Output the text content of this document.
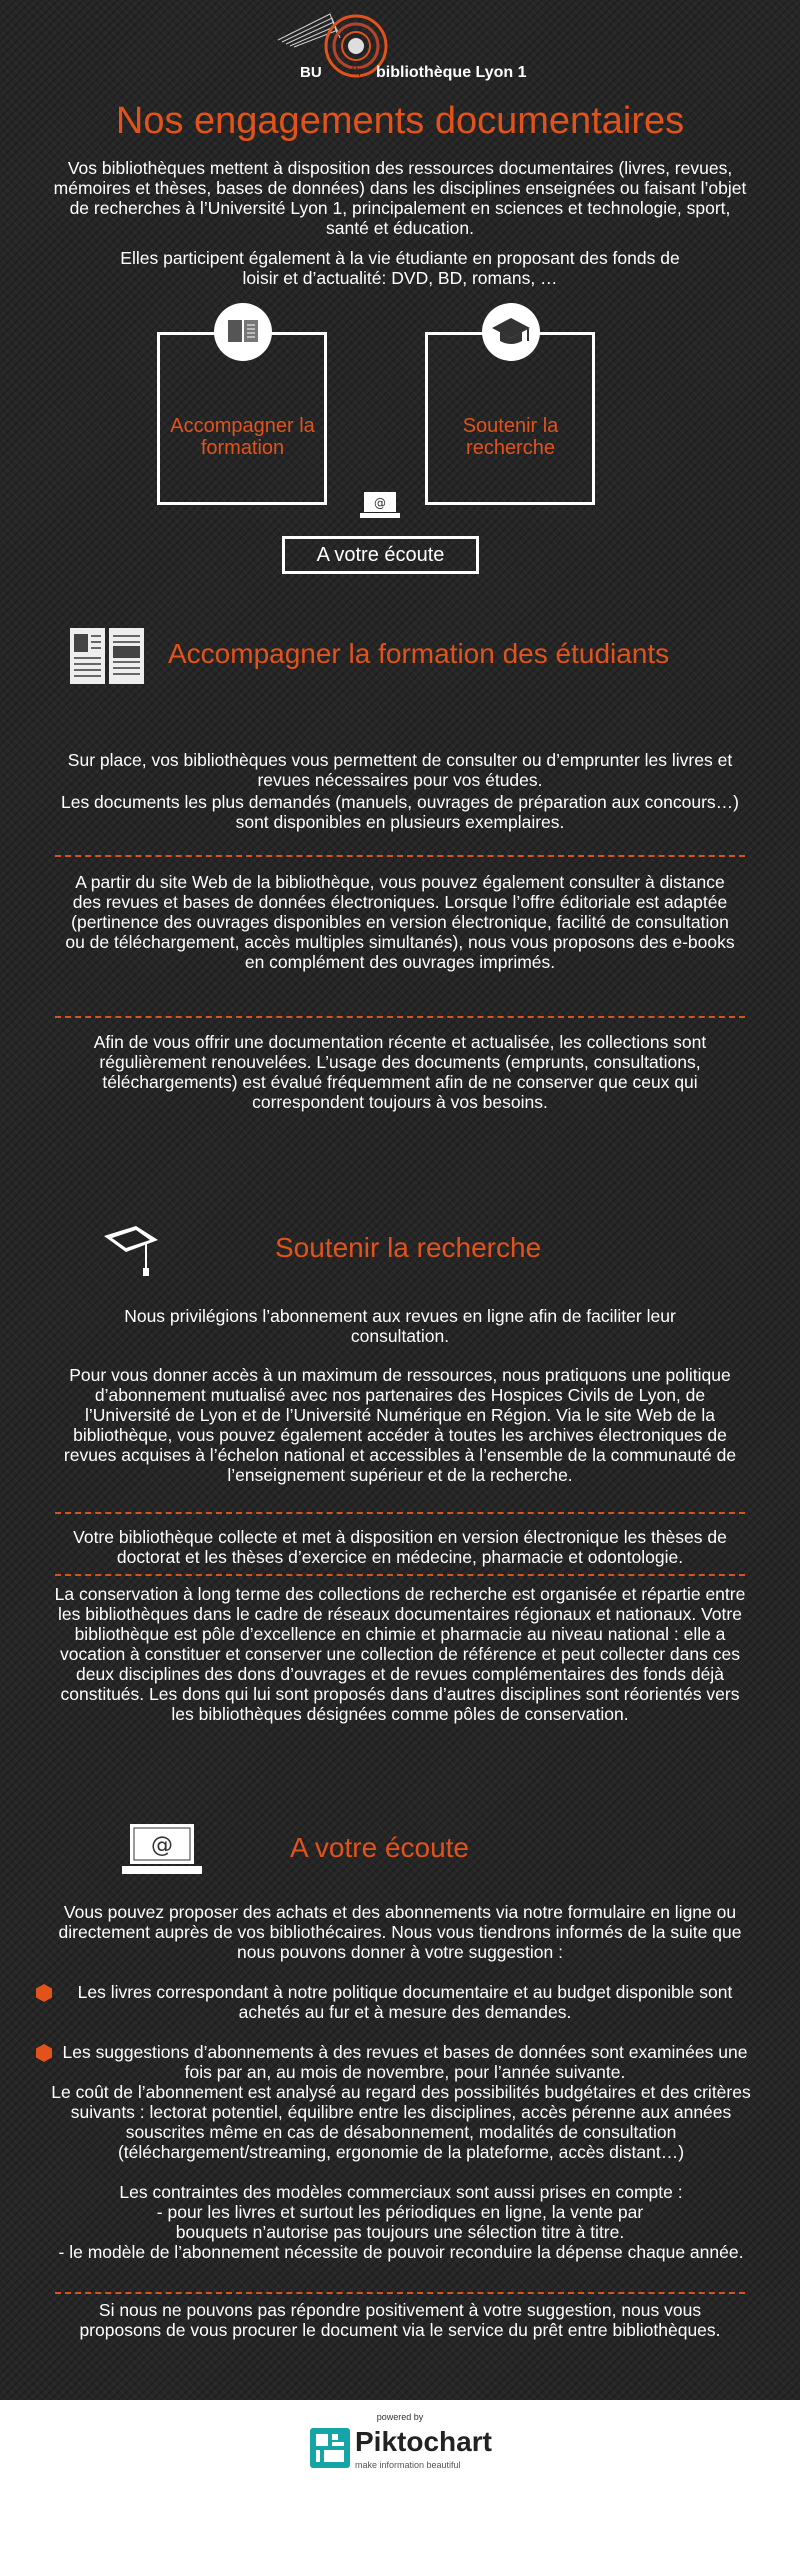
BU	étp bibliothèque Lyon 1
Nos engagements documentaires

Vos bibliothèques mettent à disposition des ressources documentaires (livres, revues, mémoires et thèses, bases de données) dans les disciplines enseignées ou faisant l’objet de recherches à l’Université Lyon 1, principalement en sciences et technologie, sport, santé et éducation.

Elles participent également à la vie étudiante en proposant des fonds de loisir et d’actualité: DVD, BD, romans, …

Accompagner la formation
Soutenir la recherche
@
A votre écoute
Accompagner la formation des étudiants

Sur place, vos bibliothèques vous permettent de consulter ou d’emprunter les livres et revues nécessaires pour vos études.

Les documents les plus demandés (manuels, ouvrages de préparation aux concours…) sont disponibles en plusieurs exemplaires.

A partir du site Web de la bibliothèque, vous pouvez également consulter à distance des revues et bases de données électroniques. Lorsque l’offre éditoriale est adaptée (pertinence des ouvrages disponibles en version électronique, facilité de consultation ou de téléchargement, accès multiples simultanés), nous vous proposons des e-books en complément des ouvrages imprimés.

Afin de vous offrir une documentation récente et actualisée, les collections sont régulièrement renouvelées. L’usage des documents (emprunts, consultations, téléchargements) est évalué fréquemment afin de ne conserver que ceux qui correspondent toujours à vos besoins.

Soutenir la recherche

Nous privilégions l’abonnement aux revues en ligne afin de faciliter leur consultation.

Pour vous donner accès à un maximum de ressources, nous pratiquons une politique d’abonnement mutualisé avec nos partenaires des Hospices Civils de Lyon, de l’Université de Lyon et de l’Université Numérique en Région. Via le site Web de la bibliothèque, vous pouvez également accéder à toutes les archives électroniques de revues acquises à l’échelon national et accessibles à l’ensemble de la communauté de l’enseignement supérieur et de la recherche.

Votre bibliothèque collecte et met à disposition en version électronique les thèses de doctorat et les thèses d’exercice en médecine, pharmacie et odontologie.

La conservation à long terme des collections de recherche est organisée et répartie entre les bibliothèques dans le cadre de réseaux documentaires régionaux et nationaux. Votre bibliothèque est pôle d’excellence en chimie et pharmacie au niveau national : elle a vocation à constituer et conserver une collection de référence et peut collecter dans ces deux disciplines des dons d’ouvrages et de revues complémentaires des fonds déjà constitués. Les dons qui lui sont proposés dans d’autres disciplines sont réorientés vers les bibliothèques désignées comme pôles de conservation.

@	A votre écoute

Vous pouvez proposer des achats et des abonnements via notre formulaire en ligne ou directement auprès de vos bibliothécaires. Nous vous tiendrons informés de la suite que nous pouvons donner à votre suggestion :

Les livres correspondant à notre politique documentaire et au budget disponible sont achetés au fur et à mesure des demandes.

Les suggestions d’abonnements à des revues et bases de données sont examinées une fois par an, au mois de novembre, pour l’année suivante.

Le coût de l’abonnement est analysé au regard des possibilités budgétaires et des critères suivants : lectorat potentiel, équilibre entre les disciplines, accès pérenne aux années souscrites même en cas de désabonnement, modalités de consultation (téléchargement/streaming, ergonomie de la plateforme, accès distant…)

Les contraintes des modèles commerciaux sont aussi prises en compte :

- pour les livres et surtout les périodiques en ligne, la vente par bouquets n’autorise pas toujours une sélection titre à titre.

- le modèle de l’abonnement nécessite de pouvoir reconduire la dépense chaque année.

Si nous ne pouvons pas répondre positivement à votre suggestion, nous vous proposons de vous procurer le document via le service du prêt entre bibliothèques.

powered by
Piktochart
make information beautiful
